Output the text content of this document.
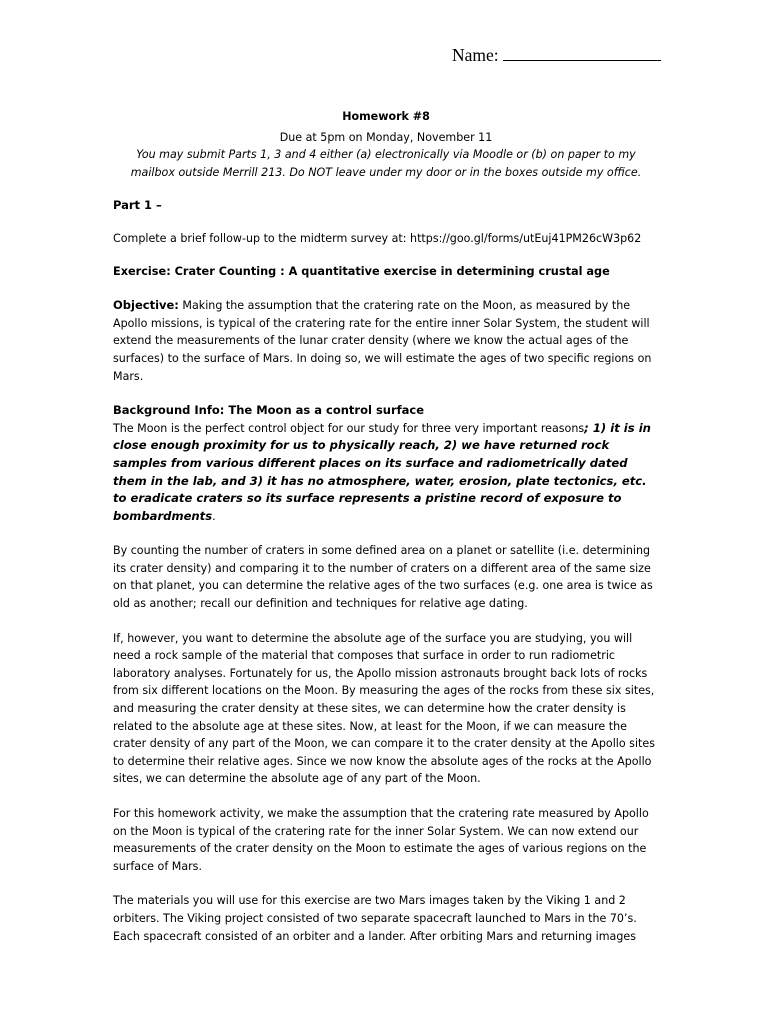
Name:

Homework #8

Due at 5pm on Monday, November 11

You may submit Parts 1, 3 and 4 either (a) electronically via Moodle or (b) on paper to my mailbox outside Merrill 213. Do NOT leave under my door or in the boxes outside my office.

Part 1 –

Complete a brief follow-up to the midterm survey at: https://goo.gl/forms/utEuj41PM26cW3p62

Exercise: Crater Counting : A quantitative exercise in determining crustal age

Objective: Making the assumption that the cratering rate on the Moon, as measured by the Apollo missions, is typical of the cratering rate for the entire inner Solar System, the student will extend the measurements of the lunar crater density (where we know the actual ages of the surfaces) to the surface of Mars. In doing so, we will estimate the ages of two specific regions on Mars.

Background Info: The Moon as a control surface

The Moon is the perfect control object for our study for three very important reasons; 1) it is in close enough proximity for us to physically reach, 2) we have returned rock samples from various different places on its surface and radiometrically dated them in the lab, and 3) it has no atmosphere, water, erosion, plate tectonics, etc. to eradicate craters so its surface represents a pristine record of exposure to bombardments.

By counting the number of craters in some defined area on a planet or satellite (i.e. determining its crater density) and comparing it to the number of craters on a different area of the same size on that planet, you can determine the relative ages of the two surfaces (e.g. one area is twice as old as another; recall our definition and techniques for relative age dating.

If, however, you want to determine the absolute age of the surface you are studying, you will need a rock sample of the material that composes that surface in order to run radiometric laboratory analyses. Fortunately for us, the Apollo mission astronauts brought back lots of rocks from six different locations on the Moon. By measuring the ages of the rocks from these six sites, and measuring the crater density at these sites, we can determine how the crater density is related to the absolute age at these sites. Now, at least for the Moon, if we can measure the crater density of any part of the Moon, we can compare it to the crater density at the Apollo sites to determine their relative ages. Since we now know the absolute ages of the rocks at the Apollo sites, we can determine the absolute age of any part of the Moon.

For this homework activity, we make the assumption that the cratering rate measured by Apollo on the Moon is typical of the cratering rate for the inner Solar System. We can now extend our measurements of the crater density on the Moon to estimate the ages of various regions on the surface of Mars.

The materials you will use for this exercise are two Mars images taken by the Viking 1 and 2 orbiters. The Viking project consisted of two separate spacecraft launched to Mars in the 70’s. Each spacecraft consisted of an orbiter and a lander. After orbiting Mars and returning images
